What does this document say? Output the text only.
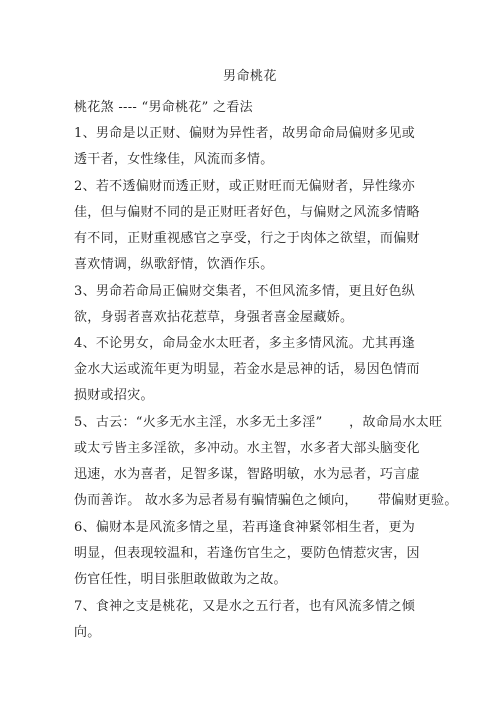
男命桃花
桃花煞 ---- “男命桃花” 之看法
1、男命是以正财、偏财为异性者，故男命命局偏财多见或
透干者，女性缘佳，风流而多情。
2、若不透偏财而透正财，或正财旺而无偏财者，异性缘亦
佳，但与偏财不同的是正财旺者好色，与偏财之风流多情略
有不同，正财重视感官之享受，行之于肉体之欲望，而偏财
喜欢情调，纵歌舒情，饮酒作乐。
3、男命若命局正偏财交集者，不但风流多情，更且好色纵
欲，身弱者喜欢拈花惹草，身强者喜金屋藏娇。
4、不论男女，命局金水太旺者，多主多情风流。尤其再逢
金水大运或流年更为明显，若金水是忌神的话，易因色情而
损财或招灾。
5、古云：“火多无水主淫，水多无土多淫”　　，故命局水太旺
或太亏皆主多淫欲，多冲动。水主智，水多者大部头脑变化
迅速，水为喜者，足智多谋，智路明敏，水为忌者，巧言虚
伪而善诈。 故水多为忌者易有骗情骗色之倾向，　　带偏财更验。
6、偏财本是风流多情之星，若再逢食神紧邻相生者，更为
明显，但表现较温和，若逢伤官生之，要防色情惹灾害，因
伤官任性，明目张胆敢做敢为之故。
7、食神之支是桃花，又是水之五行者，也有风流多情之倾
向。
